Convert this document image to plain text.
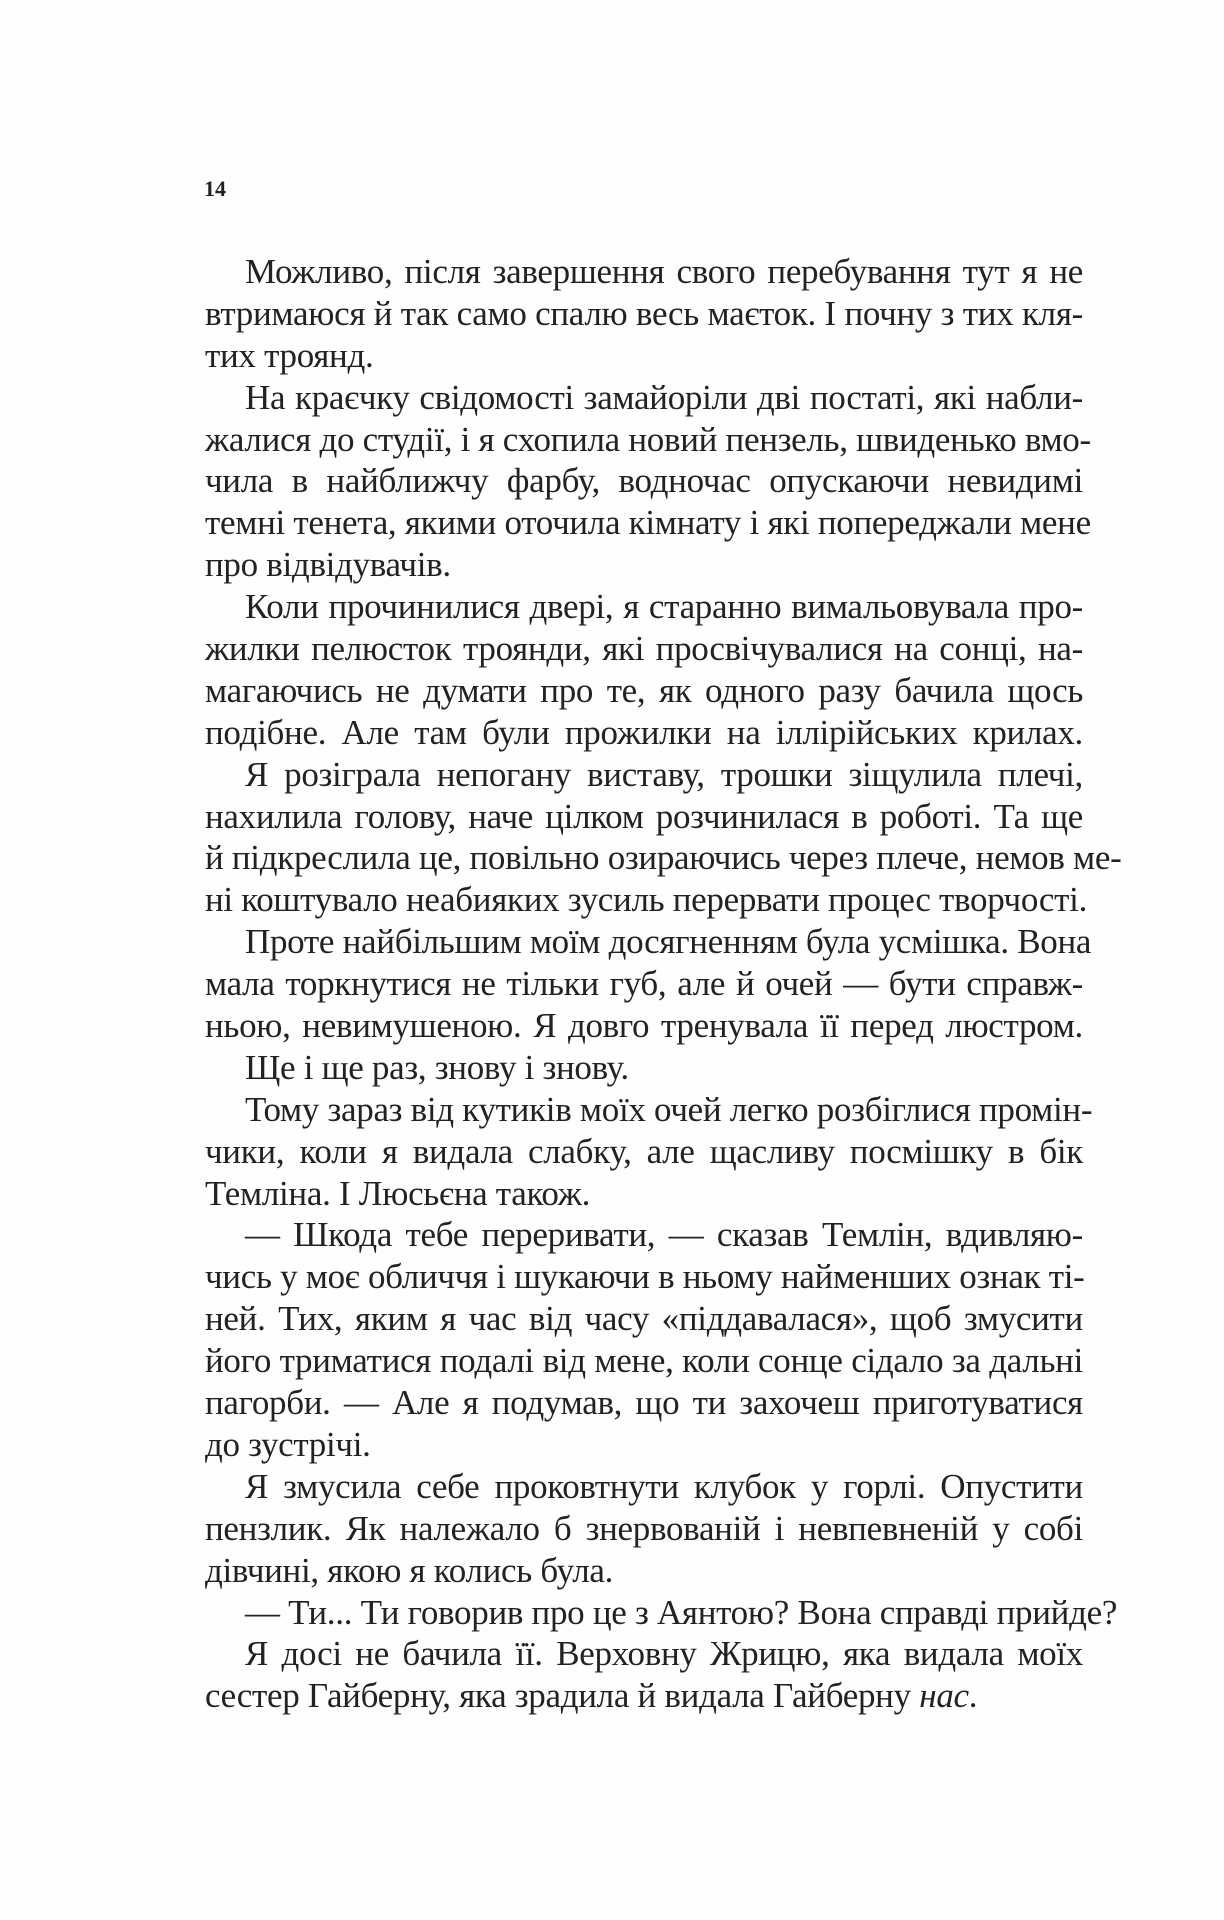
14
Можливо, після завершення свого перебування тут я не
втримаюся й так само спалю весь маєток. І почну з тих кля-
тих троянд.
На краєчку свідомості замайоріли дві постаті, які набли-
жалися до студії, і я схопила новий пензель, швиденько вмо-
чила в найближчу фарбу, водночас опускаючи невидимі
темні тенета, якими оточила кімнату і які попереджали мене
про відвідувачів.
Коли прочинилися двері, я старанно вимальовувала про-
жилки пелюсток троянди, які просвічувалися на сонці, на-
магаючись не думати про те, як одного разу бачила щось
подібне. Але там були прожилки на іллірійських крилах.
Я розіграла непогану виставу, трошки зіщулила плечі,
нахилила голову, наче цілком розчинилася в роботі. Та ще
й підкреслила це, повільно озираючись через плече, немов ме-
ні коштувало неабияких зусиль перервати процес творчості.
Проте найбільшим моїм досягненням була усмішка. Вона
мала торкнутися не тільки губ, але й очей — бути справж-
ньою, невимушеною. Я довго тренувала її перед люстром.
Ще і ще раз, знову і знову.
Тому зараз від кутиків моїх очей легко розбіглися промін-
чики, коли я видала слабку, але щасливу посмішку в бік
Темліна. І Люсьєна також.
— Шкода тебе переривати, — сказав Темлін, вдивляю-
чись у моє обличчя і шукаючи в ньому найменших ознак ті-
ней. Тих, яким я час від часу «піддавалася», щоб змусити
його триматися подалі від мене, коли сонце сідало за дальні
пагорби. — Але я подумав, що ти захочеш приготуватися
до зустрічі.
Я змусила себе проковтнути клубок у горлі. Опустити
пензлик. Як належало б знервованій і невпевненій у собі
дівчині, якою я колись була.
— Ти... Ти говорив про це з Аянтою? Вона справді прийде?
Я досі не бачила її. Верховну Жрицю, яка видала моїх
сестер Гайберну, яка зрадила й видала Гайберну нас.
